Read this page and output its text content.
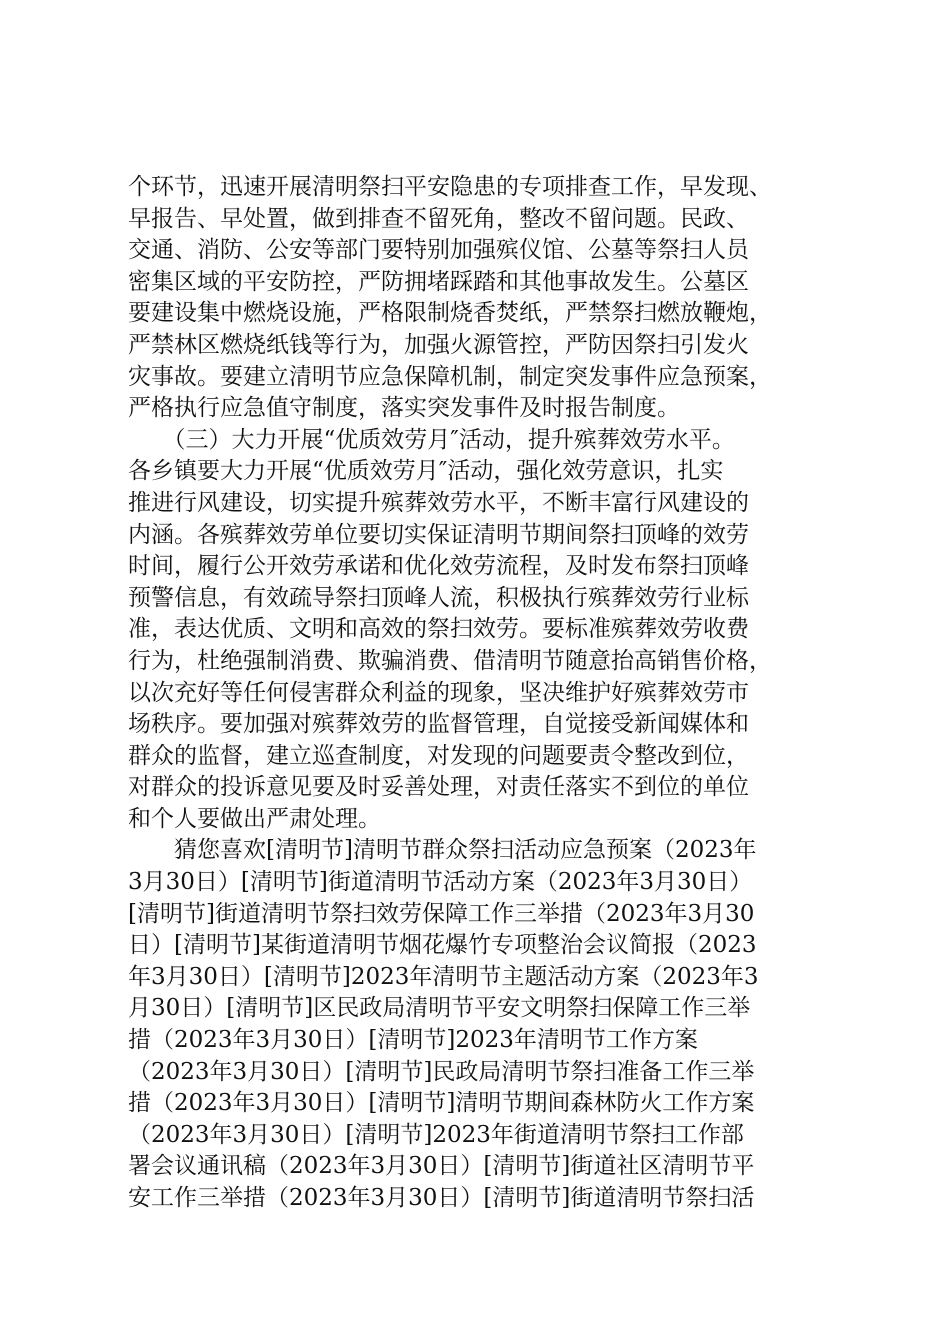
个环节，迅速开展清明祭扫平安隐患的专项排查工作，早发现、
早报告、早处置，做到排查不留死角，整改不留问题。民政、
交通、消防、公安等部门要特别加强殡仪馆、公墓等祭扫人员
密集区域的平安防控，严防拥堵踩踏和其他事故发生。公墓区
要建设集中燃烧设施，严格限制烧香焚纸，严禁祭扫燃放鞭炮，
严禁林区燃烧纸钱等行为，加强火源管控，严防因祭扫引发火
灾事故。要建立清明节应急保障机制，制定突发事件应急预案，
严格执行应急值守制度，落实突发事件及时报告制度。
　　（三）大力开展“优质效劳月″活动，提升殡葬效劳水平。
各乡镇要大力开展“优质效劳月″活动，强化效劳意识，扎实
推进行风建设，切实提升殡葬效劳水平，不断丰富行风建设的
内涵。各殡葬效劳单位要切实保证清明节期间祭扫顶峰的效劳
时间，履行公开效劳承诺和优化效劳流程，及时发布祭扫顶峰
预警信息，有效疏导祭扫顶峰人流，积极执行殡葬效劳行业标
准，表达优质、文明和高效的祭扫效劳。要标准殡葬效劳收费
行为，杜绝强制消费、欺骗消费、借清明节随意抬高销售价格，
以次充好等任何侵害群众利益的现象，坚决维护好殡葬效劳市
场秩序。要加强对殡葬效劳的监督管理，自觉接受新闻媒体和
群众的监督，建立巡查制度，对发现的问题要责令整改到位，
对群众的投诉意见要及时妥善处理，对责任落实不到位的单位
和个人要做出严肃处理。
　　猜您喜欢[清明节]清明节群众祭扫活动应急预案（2023年
3月30日）[清明节]街道清明节活动方案（2023年3月30日）
[清明节]街道清明节祭扫效劳保障工作三举措（2023年3月30
日）[清明节]某街道清明节烟花爆竹专项整治会议简报（2023
年3月30日）[清明节]2023年清明节主题活动方案（2023年3
月30日）[清明节]区民政局清明节平安文明祭扫保障工作三举
措（2023年3月30日）[清明节]2023年清明节工作方案
（2023年3月30日）[清明节]民政局清明节祭扫准备工作三举
措（2023年3月30日）[清明节]清明节期间森林防火工作方案
（2023年3月30日）[清明节]2023年街道清明节祭扫工作部
署会议通讯稿（2023年3月30日）[清明节]街道社区清明节平
安工作三举措（2023年3月30日）[清明节]街道清明节祭扫活
